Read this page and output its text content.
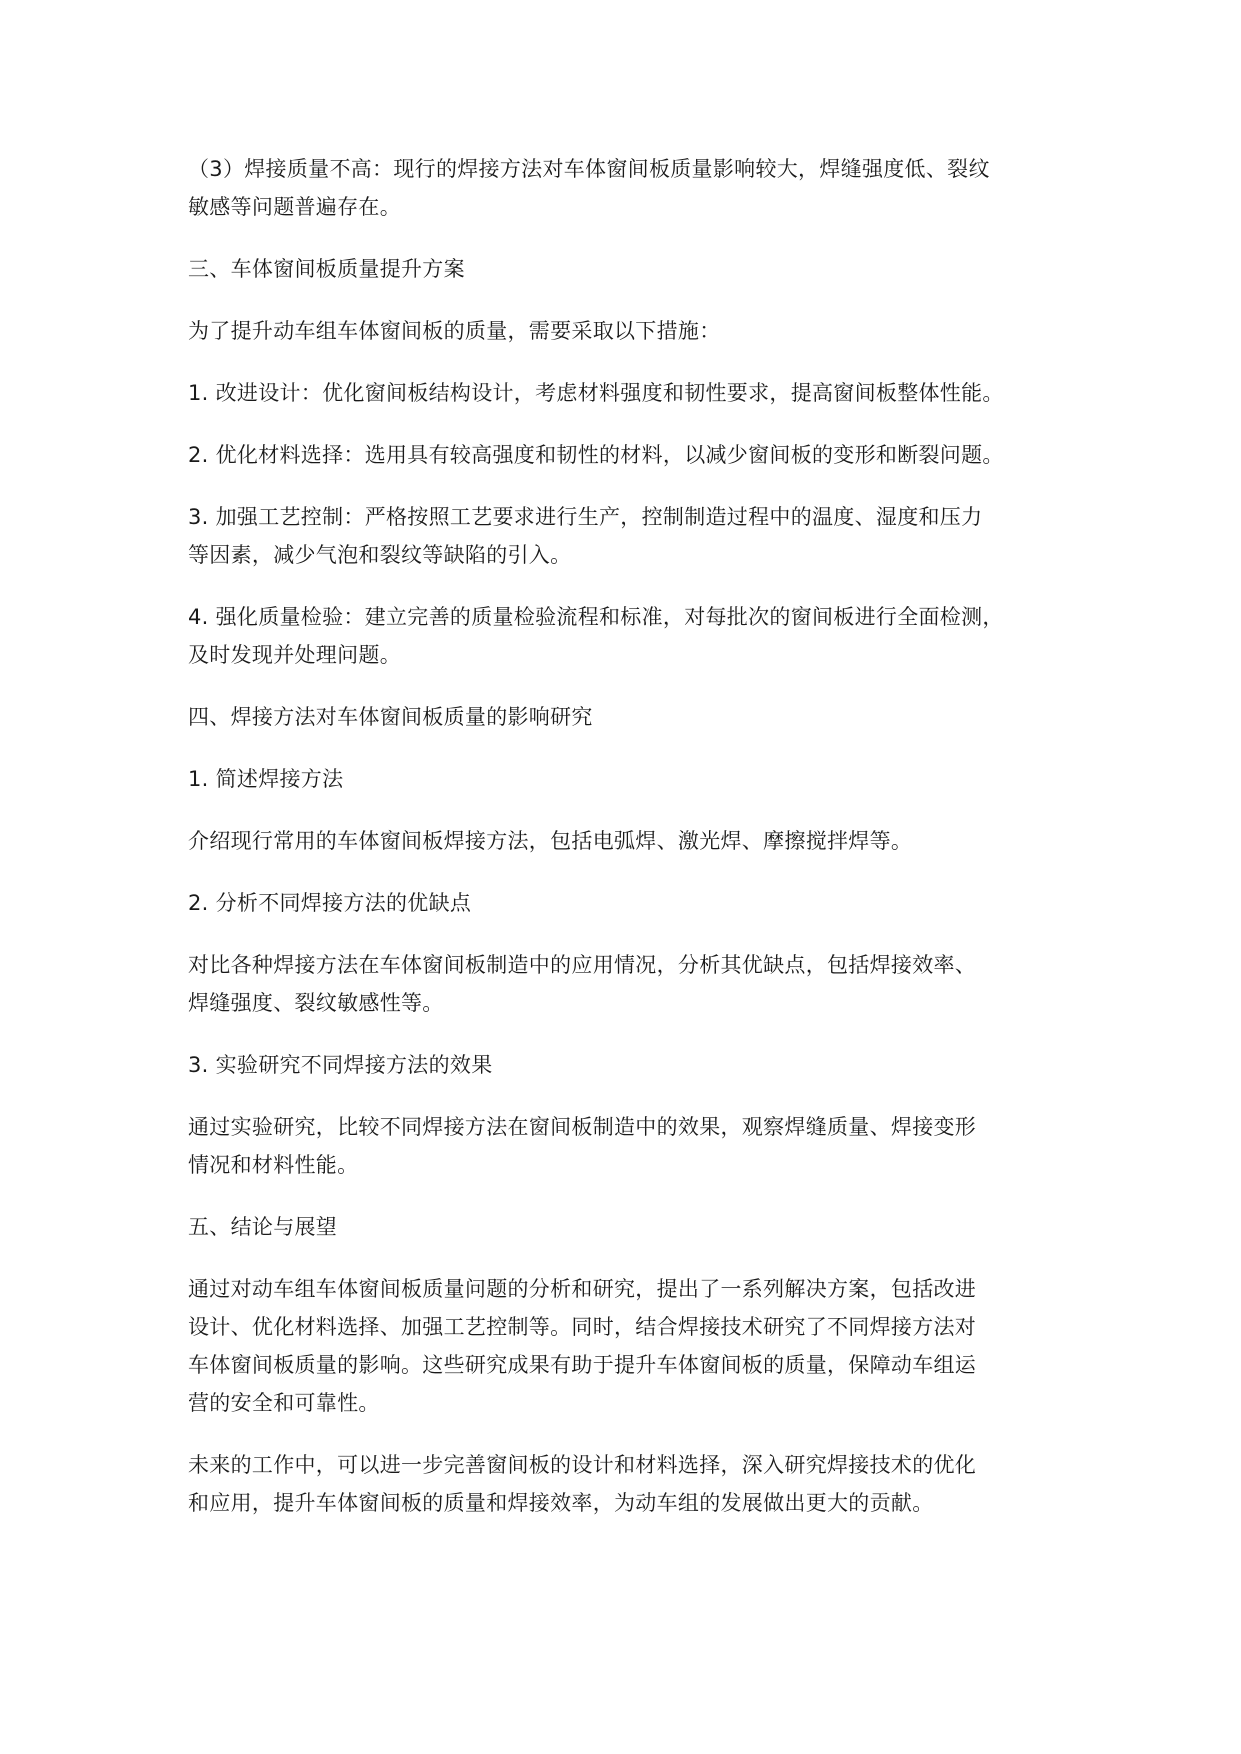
（3）焊接质量不高：现行的焊接方法对车体窗间板质量影响较大，焊缝强度低、裂纹
敏感等问题普遍存在。

三、车体窗间板质量提升方案

为了提升动车组车体窗间板的质量，需要采取以下措施：

1. 改进设计：优化窗间板结构设计，考虑材料强度和韧性要求，提高窗间板整体性能。

2. 优化材料选择：选用具有较高强度和韧性的材料，以减少窗间板的变形和断裂问题。

3. 加强工艺控制：严格按照工艺要求进行生产，控制制造过程中的温度、湿度和压力
等因素，减少气泡和裂纹等缺陷的引入。

4. 强化质量检验：建立完善的质量检验流程和标准，对每批次的窗间板进行全面检测，
及时发现并处理问题。

四、焊接方法对车体窗间板质量的影响研究

1. 简述焊接方法

介绍现行常用的车体窗间板焊接方法，包括电弧焊、激光焊、摩擦搅拌焊等。

2. 分析不同焊接方法的优缺点

对比各种焊接方法在车体窗间板制造中的应用情况，分析其优缺点，包括焊接效率、
焊缝强度、裂纹敏感性等。

3. 实验研究不同焊接方法的效果

通过实验研究，比较不同焊接方法在窗间板制造中的效果，观察焊缝质量、焊接变形
情况和材料性能。

五、结论与展望

通过对动车组车体窗间板质量问题的分析和研究，提出了一系列解决方案，包括改进
设计、优化材料选择、加强工艺控制等。同时，结合焊接技术研究了不同焊接方法对
车体窗间板质量的影响。这些研究成果有助于提升车体窗间板的质量，保障动车组运
营的安全和可靠性。

未来的工作中，可以进一步完善窗间板的设计和材料选择，深入研究焊接技术的优化
和应用，提升车体窗间板的质量和焊接效率，为动车组的发展做出更大的贡献。
